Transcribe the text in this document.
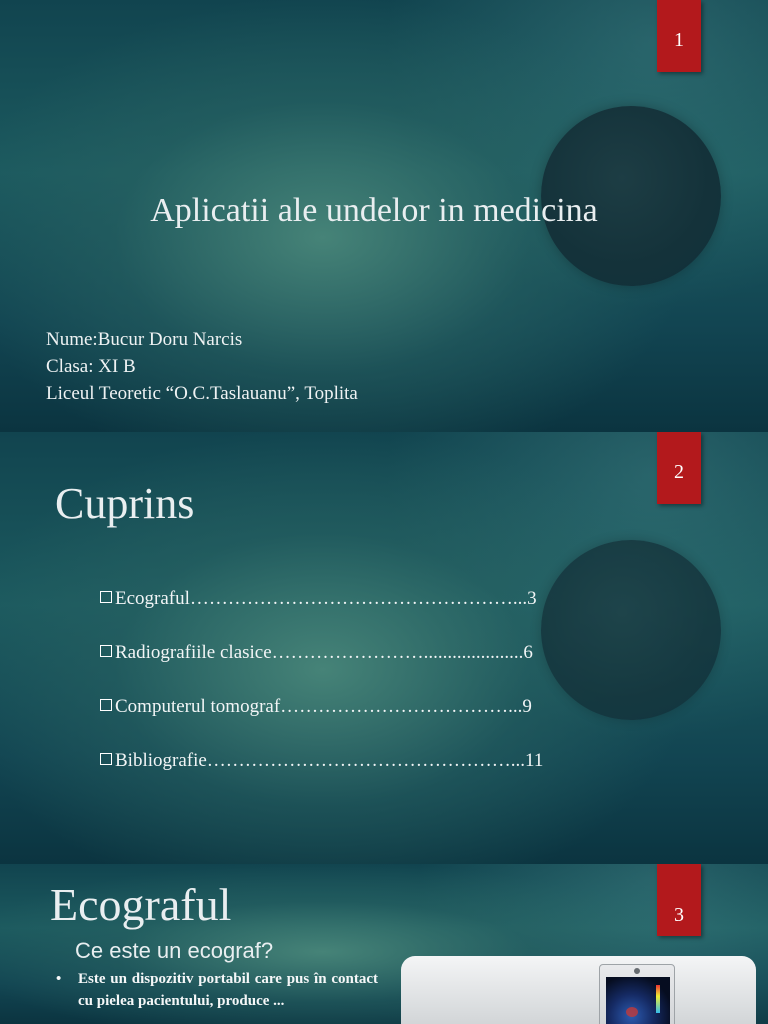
1
Aplicatii ale undelor in medicina
Nume:Bucur Doru Narcis
Clasa: XI B
Liceul Teoretic “O.C.Taslauanu”, Toplita
2
Cuprins
Ecograful……………………………………………...3
Radiografiile clasice…………………….....................6
Computerul tomograf………………………………...9
Bibliografie…………………………………………...11
3
Ecograful
Ce este un ecograf?
• Este un dispozitiv portabil care pus în contact cu pielea pacientului, produce ...
